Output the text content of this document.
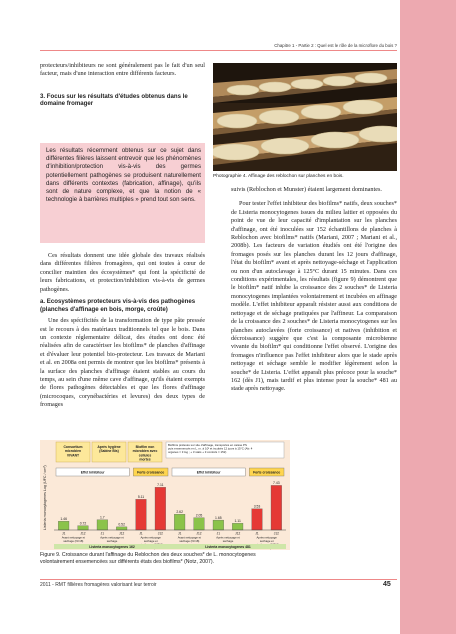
Chapitre 1 - Partie 2 : Quel est le rôle de la microflore du bois ?

protecteurs/inhibiteurs ne sont généralement pas le fait d'un seul facteur, mais d'une interaction entre différents facteurs.

3. Focus sur les résultats d'études obtenus dans le domaine fromager

Les résultats récemment obtenus sur ce sujet dans différentes filières laissent entrevoir que les phénomènes d'inhibition/protection vis-à-vis des germes potentiellement pathogènes se produisent naturellement dans différents contextes (fabrication, affinage), qu'ils sont de nature complexe, et que la notion de « technologie à barrières multiples » prend tout son sens.

Ces résultats donnent une idée globale des travaux réalisés dans différentes filières fromagères, qui ont toutes à cœur de concilier maintien des écosystèmes* qui font la spécificité de leurs fabrications, et protection/inhibition vis-à-vis de germes pathogènes.

a. Ecosystèmes protecteurs vis-à-vis des pathogènes (planches d'affinage en bois, morge, croûte)

Une des spécificités de la transformation de type pâte pressée est le recours à des matériaux traditionnels tel que le bois. Dans un contexte réglementaire délicat, des études ont donc été réalisées afin de caractériser les biofilms* de planches d'affinage et d'évaluer leur potentiel bio-protecteur. Les travaux de Mariani et al. en 2008a ont permis de montrer que les biofilms* présents à la surface des planches d'affinage étaient stables au cours du temps, au sein d'une même cave d'affinage, qu'ils étaient exempts de flores pathogènes détectables et que les flores d'affinage (microcoques, corynébactéries et levures) des deux types de fromages

Photographie 4. Affinage des reblochon sur planches en bois.

suivis (Reblochon et Munster) étaient largement dominantes.

Pour tester l'effet inhibiteur des biofilms* natifs, deux souches* de Listeria monocytogenes issues du milieu laitier et opposées du point de vue de leur capacité d'implantation sur les planches d'affinage, ont été inoculées sur 152 échantillons de planches à Reblochon avec biofilms* natifs (Mariani, 2007 ; Mariani et al., 2008b). Les facteurs de variation étudiés ont été l'origine des fromages posés sur les planches durant les 12 jours d'affinage, l'état du biofilm* avant et après nettoyage-séchage et l'application ou non d'un autoclavage à 125°C durant 15 minutes. Dans ces conditions expérimentales, les résultats (figure 9) démontrent que le biofilm* natif inhibe la croissance des 2 souches* de Listeria monocytogenes implantées volontairement et incubées en affinage modèle. L'effet inhibiteur apparaît résister aussi aux conditions de nettoyage et de séchage pratiquées par l'affineur. La comparaison de la croissance des 2 souches* de Listeria monocytogenes sur les planches autoclavées (forte croissance) et natives (inhibition et décroissance) suggère que c'est la composante microbienne vivante du biofilm* qui conditionne l'effet observé. L'origine des fromages n'influence pas l'effet inhibiteur alors que le stade après nettoyage et séchage semble le modifier légèrement selon la souche* de Listeria. L'effet apparaît plus précoce pour la souche* 162 (dès J1), mais tardif et plus intense pour la souche* 481 au stade après nettoyage.

Listeria monocytogenes Log (UFC / cm²)
Consortium
microbien
VIVANT
Après hygiène
(Sabine Bis)
Biofilm non
microbien avec
cellules
mortes
Biofilms prélevés sur site d'affinage, transportés en caisse PS
puis ensemencés en L. m. à 10² et incubés 12 jours à 15°C (Ab: 4
organes = 3 log ; + 3 stats + 3 controls = 152)
1.46
J1
0.72
J12
1.7
J1
0.52
J12
5.11
J1
7.11
J12
2.62
J1
2.05
J12
1.65
J1
1.11
J12
3.53
J1
7.43
J12
Effet Inhibiteur	Forte croissance	Effet Inhibiteur	Forte croissance
Avant nettoyage et
séchage (N=18)
Après nettoyage et
séchage
Après nettoyage
séchage et
Avant nettoyage et
séchage (N=18)
Après nettoyage et
séchage
Après nettoyage
séchage et
Listeria monocytogenes 162	Listeria monocytogenes 481
Figure 9. Croissance durant l'affinage du Reblochon des deux souches* de L. monocytogenes volontairement ensemencées sur différents états des biofilms* (Notz, 2007).
2011 - RMT fillières fromagères valorisant leur terroir	45
